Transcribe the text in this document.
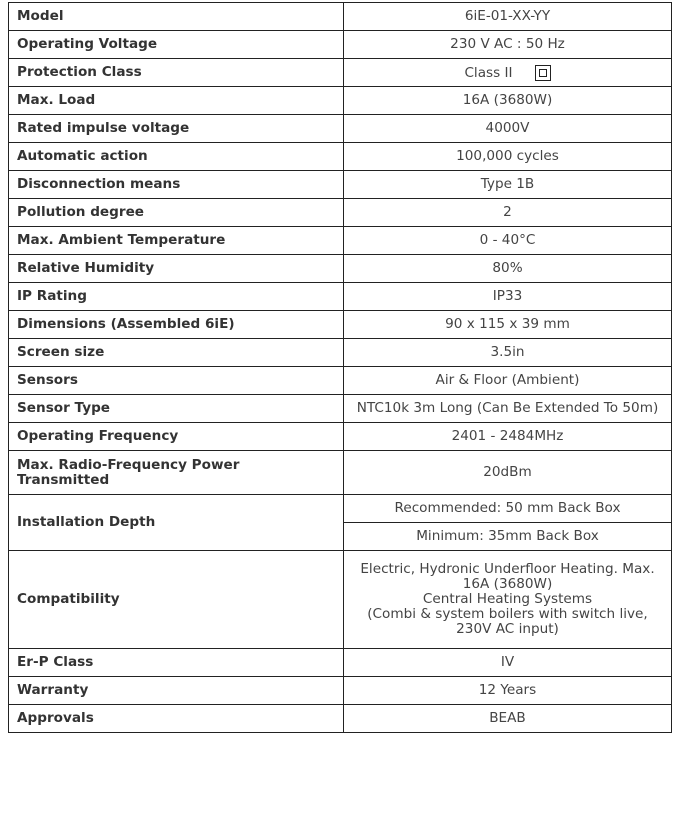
Model	6iE-01-XX-YY
Operating Voltage	230 V AC : 50 Hz
Protection Class	Class II
Max. Load	16A (3680W)
Rated impulse voltage	4000V
Automatic action	100,000 cycles
Disconnection means	Type 1B
Pollution degree	2
Max. Ambient Temperature	0 - 40°C
Relative Humidity	80%
IP Rating	IP33
Dimensions (Assembled 6iE)	90 x 115 x 39 mm
Screen size	3.5in
Sensors	Air & Floor (Ambient)
Sensor Type	NTC10k 3m Long (Can Be Extended To 50m)
Operating Frequency	2401 - 2484MHz
Max. Radio-Frequency Power
Transmitted	20dBm
Installation Depth	Recommended: 50 mm Back Box
	Minimum: 35mm Back Box
Compatibility	Electric, Hydronic Underfloor Heating. Max.
16A (3680W)
Central Heating Systems
(Combi & system boilers with switch live,
230V AC input)
Er-P Class	IV
Warranty	12 Years
Approvals	BEAB
